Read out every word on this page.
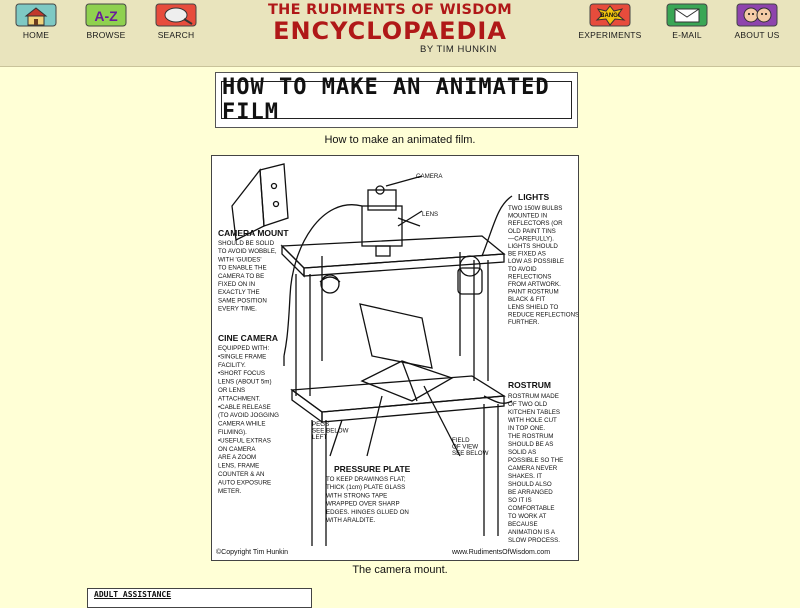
HOME
A-Z
BROWSE	SEARCH
THE RUDIMENTS OF WISDOM
ENCYCLOPAEDIA
BY TIM HUNKIN
BANG!
EXPERIMENTS	E-MAIL	ABOUT US
HOW TO MAKE AN ANIMATED FILM
How to make an animated film.
CAMERA
LENS
LIGHTS
CAMERA MOUNT
CINE CAMERA
ROSTRUM
PRESSURE PLATE
TWO 150W BULBS
MOUNTED IN
REFLECTORS (OR
OLD PAINT TINS
—CAREFULLY).
LIGHTS SHOULD
BE FIXED AS
LOW AS POSSIBLE
TO AVOID
REFLECTIONS
FROM ARTWORK.
PAINT ROSTRUM
BLACK & FIT
LENS SHIELD TO
REDUCE REFLECTIONS
FURTHER.
SHOULD BE SOLID
TO AVOID WOBBLE,
WITH 'GUIDES'
TO ENABLE THE
CAMERA TO BE
FIXED ON IN
EXACTLY THE
SAME POSITION
EVERY TIME.
EQUIPPED WITH:
•SINGLE FRAME
FACILITY.
•SHORT FOCUS
LENS (ABOUT 5m)
OR LENS
ATTACHMENT.
•CABLE RELEASE
(TO AVOID JOGGING
CAMERA WHILE
FILMING).
•USEFUL EXTRAS
ON CAMERA
ARE A ZOOM
LENS, FRAME
COUNTER & AN
AUTO EXPOSURE
METER.
ROSTRUM MADE
OF TWO OLD
KITCHEN TABLES
WITH HOLE CUT
IN TOP ONE.
THE ROSTRUM
SHOULD BE AS
SOLID AS
POSSIBLE SO THE
CAMERA NEVER
SHAKES. IT
SHOULD ALSO
BE ARRANGED
SO IT IS
COMFORTABLE
TO WORK AT
BECAUSE
ANIMATION IS A
SLOW PROCESS.
TO KEEP DRAWINGS FLAT;
THICK (1cm) PLATE GLASS
WITH STRONG TAPE
WRAPPED OVER SHARP
EDGES. HINGES GLUED ON
WITH ARALDITE.
PEGS
SEE BELOW
LEFT	FIELD
OF VIEW
SEE BELOW
©Copyright Tim Hunkin	www.RudimentsOfWisdom.com
The camera mount.
ADULT ASSISTANCE
